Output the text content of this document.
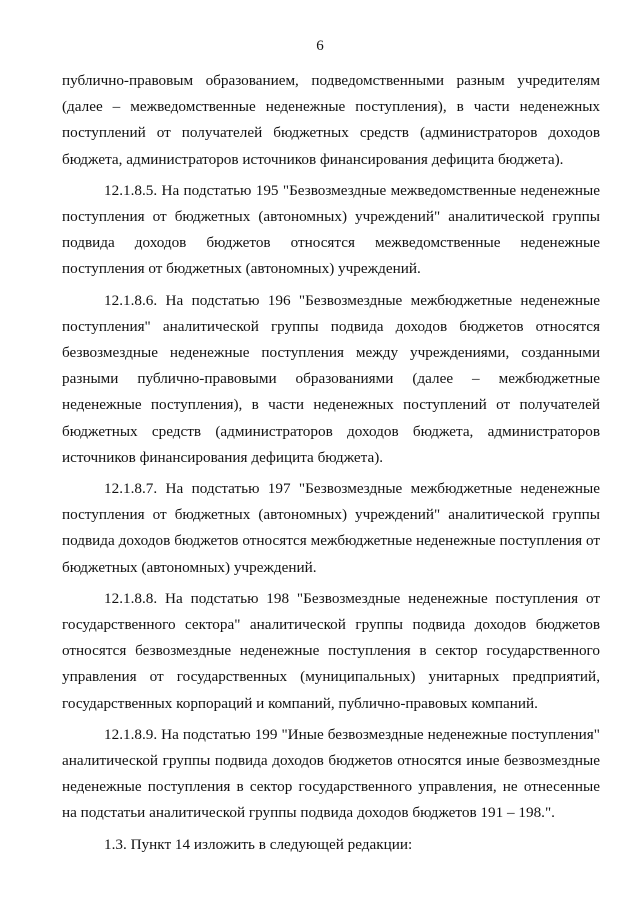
6

публично-правовым образованием, подведомственными разным учредителям (далее – межведомственные неденежные поступления), в части неденежных поступлений от получателей бюджетных средств (администраторов доходов бюджета, администраторов источников финансирования дефицита бюджета).

12.1.8.5. На подстатью 195 "Безвозмездные межведомственные неденежные поступления от бюджетных (автономных) учреждений" аналитической группы подвида доходов бюджетов относятся межведомственные неденежные поступления от бюджетных (автономных) учреждений.

12.1.8.6. На подстатью 196 "Безвозмездные межбюджетные неденежные поступления" аналитической группы подвида доходов бюджетов относятся безвозмездные неденежные поступления между учреждениями, созданными разными публично-правовыми образованиями (далее – межбюджетные неденежные поступления), в части неденежных поступлений от получателей бюджетных средств (администраторов доходов бюджета, администраторов источников финансирования дефицита бюджета).

12.1.8.7. На подстатью 197 "Безвозмездные межбюджетные неденежные поступления от бюджетных (автономных) учреждений" аналитической группы подвида доходов бюджетов относятся межбюджетные неденежные поступления от бюджетных (автономных) учреждений.

12.1.8.8. На подстатью 198 "Безвозмездные неденежные поступления от государственного сектора" аналитической группы подвида доходов бюджетов относятся безвозмездные неденежные поступления в сектор государственного управления от государственных (муниципальных) унитарных предприятий, государственных корпораций и компаний, публично-правовых компаний.

12.1.8.9. На подстатью 199 "Иные безвозмездные неденежные поступления" аналитической группы подвида доходов бюджетов относятся иные безвозмездные неденежные поступления в сектор государственного управления, не отнесенные на подстатьи аналитической группы подвида доходов бюджетов 191 – 198.".

1.3. Пункт 14 изложить в следующей редакции:
